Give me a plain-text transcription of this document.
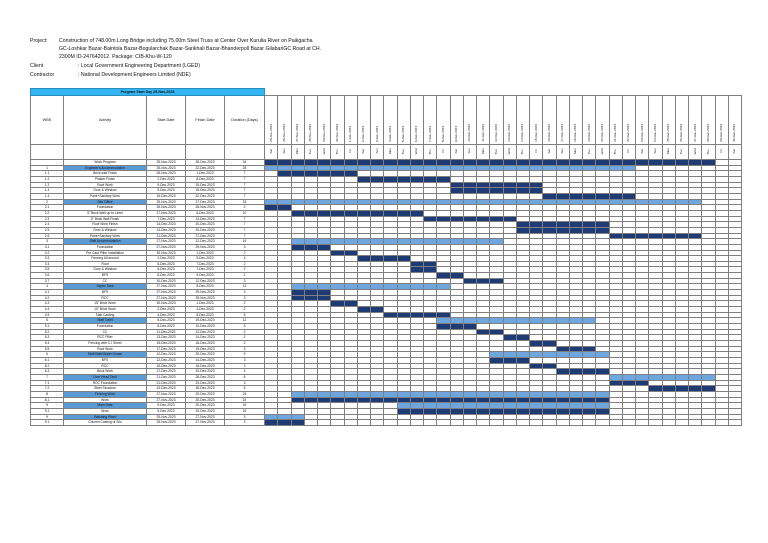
Project: Construction of 748.00m Long Bridge including 75.00m Steel Truss at Center Over Kurulia River on Paikgacha
GC-Loshkar Bazar-Baintola Bazar-Bogularchak Bazar-Sarikhali Bazar-Bhanderpoll Bazar GilabariGC Road at CH.
2300M ID-247642012. Package: CIB-Khu-W-120
Client	: Local Government Engineering Department (LGED)
Contractor	: National Development Engineers Limited (NDE)
Program Start Day 25-Nov-2023																																								
WBS	Activity	Start Date	Finish Date	Duration (Days)	25-Nov-2023	26-Nov-2023	27-Nov-2023	28-Nov-2023	29-Nov-2023	30-Nov-2023	1-Dec-2023	2-Dec-2023	3-Dec-2023	4-Dec-2023	5-Dec-2023	6-Dec-2023	7-Dec-2023	8-Dec-2023	9-Dec-2023	10-Dec-2023	11-Dec-2023	12-Dec-2023	13-Dec-2023	14-Dec-2023	15-Dec-2023	16-Dec-2023	17-Dec-2023	18-Dec-2023	19-Dec-2023	20-Dec-2023	21-Dec-2023	22-Dec-2023	23-Dec-2023	24-Dec-2023	25-Dec-2023	26-Dec-2023	27-Dec-2023	28-Dec-2023	29-Dec-2023	30-Dec-2023
					Sat	Sun	Mon	Tue	Wed	Thu	Fri	Sat	Sun	Mon	Tue	Wed	Thu	Fri	Sat	Sun	Mon	Tue	Wed	Thu	Fri	Sat	Sun	Mon	Tue	Wed	Thu	Fri	Sat	Sun	Mon	Tue	Wed	Thu	Fri	Sat
	Work Program	25-Nov-2023	28-Dec-2023	34																																				
1	Engineer's Accommodation	25-Nov-2023	22-Dec-2023	28																																				
1.1	Brick wall Finish	26-Nov-2023	1-Dec-2023	7																																				
1.2	Plaster Finish	2-Dec-2023	8-Dec-2023	7																																				
1.3	Roof Work	9-Dec-2023	15-Dec-2023	7																																				
1.4	Door & Window	9-Dec-2023	15-Dec-2023	7																																				
1.4	Paint+Sanitary Work	16-Dec-2023	22-Dec-2023	7																																				
2	Site Office	25-Nov-2023	27-Dec-2023	33																																				
2.1	Foundation	25-Nov-2023	26-Nov-2023	2																																				
2.2	5" Brick Wall up to Lintel	27-Nov-2023	6-Dec-2023	10																																				
2.3	5" Brick Wall Finish	7-Dec-2023	13-Dec-2023	7																																				
2.4	Roof Work Finish	14-Dec-2023	20-Dec-2023	7																																				
2.5	Door & Window	14-Dec-2023	20-Dec-2023	7																																				
2.6	Paint+Sanitary Work	21-Dec-2023	27-Dec-2023	7																																				
3	Staff Accommodation	27-Nov-2023	12-Dec-2023	16																																				
3.1	Foundation	27-Nov-2023	29-Nov-2023	3																																				
3.2	Pre Cast Piller Installation	30-Nov-2023	1-Dec-2023	2																																				
3.3	Fencing All around	2-Dec-2023	5-Dec-2023	4																																				
3.4	Roof	6-Dec-2023	7-Dec-2023	2																																				
3.5	Door & Window	6-Dec-2023	7-Dec-2023	2																																				
3.6	BFS	8-Dec-2023	9-Dec-2023	2																																				
3.7	CC	10-Dec-2023	12-Dec-2023	3																																				
4	Septic Tank	27-Nov-2023	8-Dec-2023	12																																				
4.1	BFS	27-Nov-2023	29-Nov-2023	3																																				
4.2	RCC	27-Nov-2023	29-Nov-2023	3																																				
4.3	15" Brick Work	30-Nov-2023	1-Dec-2023	2																																				
4.4	10" Brick Work	2-Dec-2023	3-Dec-2023	2																																				
4.5	Slab Casting	4-Dec-2023	8-Dec-2023	5																																				
5	Staff Toilet	8-Dec-2023	19-Dec-2023	12																																				
5.1	Foundation	8-Dec-2023	10-Dec-2023	3																																				
5.2	CC	11-Dec-2023	12-Dec-2023	2																																				
5.3	RCC Piller	13-Dec-2023	14-Dec-2023	2																																				
5.4	Fencing with C.I Sheet	15-Dec-2023	16-Dec-2023	2																																				
5.5	Roof Work	17-Dec-2023	19-Dec-2023	3																																				
6	Staff Bath/Water House	12-Dec-2023	20-Dec-2023	9																																				
6.1	BFS	12-Dec-2023	14-Dec-2023	3																																				
6.2	RCC	15-Dec-2023	16-Dec-2023	2																																				
6.3	Brick Work	17-Dec-2023	20-Dec-2023	4																																				
7	Over Head Tank	21-Dec-2023	28-Dec-2023	8																																				
7.1	RCC Foundation	21-Dec-2023	23-Dec-2023	3																																				
7.2	Steel Structure	24-Dec-2023	28-Dec-2023	5																																				
8	Fencing Work	27-Nov-2023	20-Dec-2023	24																																				
8.1	Work	27-Nov-2023	20-Dec-2023	24																																				
9	Main Gate	5-Dec-2023	20-Dec-2023	16																																				
9.1	Work	5-Dec-2023	20-Dec-2023	16																																				
9	Batching Plant	25-Nov-2023	27-Nov-2023	3																																				
9.1	Column Casting of Silo	25-Nov-2023	27-Nov-2023	3																																				
